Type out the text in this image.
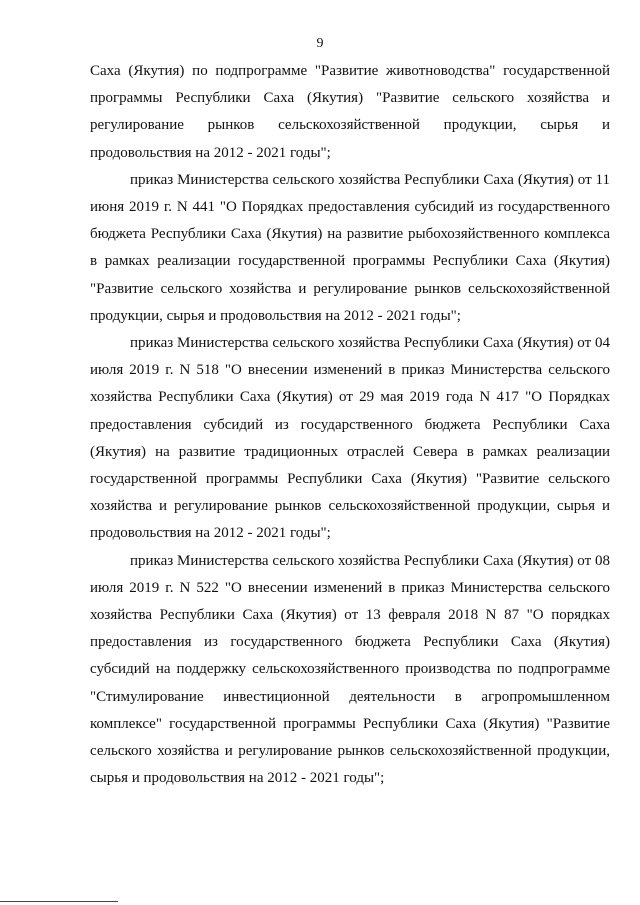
9

Саха (Якутия) по подпрограмме "Развитие животноводства" государственной программы Республики Саха (Якутия) "Развитие сельского хозяйства и регулирование рынков сельскохозяйственной продукции, сырья и продовольствия на 2012 - 2021 годы";

приказ Министерства сельского хозяйства Республики Саха (Якутия) от 11 июня 2019 г. N 441 "О Порядках предоставления субсидий из государственного бюджета Республики Саха (Якутия) на развитие рыбохозяйственного комплекса в рамках реализации государственной программы Республики Саха (Якутия) "Развитие сельского хозяйства и регулирование рынков сельскохозяйственной продукции, сырья и продовольствия на 2012 - 2021 годы";

приказ Министерства сельского хозяйства Республики Саха (Якутия) от 04 июля 2019 г. N 518 "О внесении изменений в приказ Министерства сельского хозяйства Республики Саха (Якутия) от 29 мая 2019 года N 417 "О Порядках предоставления субсидий из государственного бюджета Республики Саха (Якутия) на развитие традиционных отраслей Севера в рамках реализации государственной программы Республики Саха (Якутия) "Развитие сельского хозяйства и регулирование рынков сельскохозяйственной продукции, сырья и продовольствия на 2012 - 2021 годы";

приказ Министерства сельского хозяйства Республики Саха (Якутия) от 08 июля 2019 г. N 522 "О внесении изменений в приказ Министерства сельского хозяйства Республики Саха (Якутия) от 13 февраля 2018 N 87 "О порядках предоставления из государственного бюджета Республики Саха (Якутия) субсидий на поддержку сельскохозяйственного производства по подпрограмме "Стимулирование инвестиционной деятельности в агропромышленном комплексе" государственной программы Республики Саха (Якутия) "Развитие сельского хозяйства и регулирование рынков сельскохозяйственной продукции, сырья и продовольствия на 2012 - 2021 годы";
